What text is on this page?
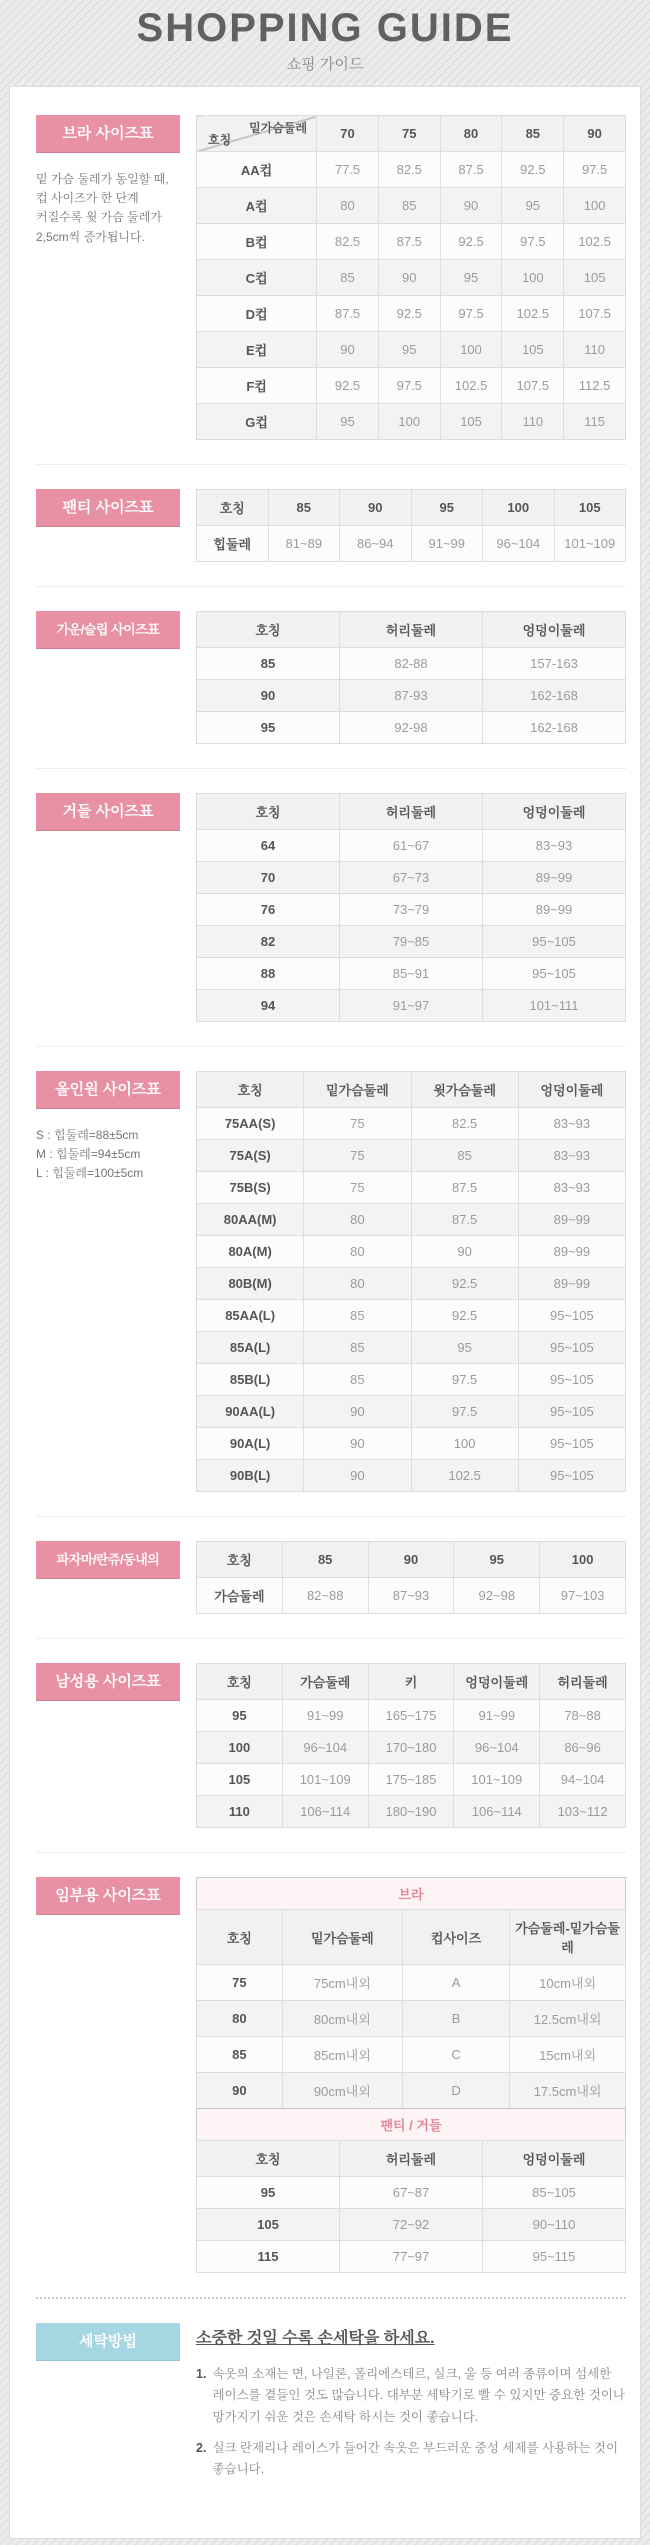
SHOPPING GUIDE
쇼핑 가이드
브라 사이즈표
밑 가슴 둘레가 동일할 때,
컵 사이즈가 한 단계
커질수록 윗 가슴 둘레가
2,5cm씩 증가됩니다.
밑가슴둘레
호칭	70	75	80	85	90
AA컵	77.5	82.5	87.5	92.5	97.5
A컵	80	85	90	95	100
B컵	82.5	87.5	92.5	97.5	102.5
C컵	85	90	95	100	105
D컵	87.5	92.5	97.5	102.5	107.5
E컵	90	95	100	105	110
F컵	92.5	97.5	102.5	107.5	112.5
G컵	95	100	105	110	115
팬티 사이즈표	호칭	85	90	95	100	105
힙둘레	81~89	86~94	91~99	96~104	101~109
가운/슬립 사이즈표	호칭	허리둘레	엉덩이둘레
85	82-88	157-163
90	87-93	162-168
95	92-98	162-168
거들 사이즈표	호칭	허리둘레	엉덩이둘레
64	61~67	83~93
70	67~73	89~99
76	73~79	89~99
82	79~85	95~105
88	85~91	95~105
94	91~97	101~111
올인원 사이즈표
S : 힙둘레=88±5cm
M : 힙둘레=94±5cm
L : 힙둘레=100±5cm
호칭	밑가슴둘레	윗가슴둘레	엉덩이둘레
75AA(S)	75	82.5	83~93
75A(S)	75	85	83~93
75B(S)	75	87.5	83~93
80AA(M)	80	87.5	89~99
80A(M)	80	90	89~99
80B(M)	80	92.5	89~99
85AA(L)	85	92.5	95~105
85A(L)	85	95	95~105
85B(L)	85	97.5	95~105
90AA(L)	90	97.5	95~105
90A(L)	90	100	95~105
90B(L)	90	102.5	95~105
파자마/란쥬/동내의	호칭	85	90	95	100
가슴둘레	82~88	87~93	92~98	97~103
남성용 사이즈표	호칭	가슴둘레	키	엉덩이둘레	허리둘레
95	91~99	165~175	91~99	78~88
100	96~104	170~180	96~104	86~96
105	101~109	175~185	101~109	94~104
110	106~114	180~190	106~114	103~112
임부용 사이즈표	브라
호칭	밑가슴둘레	컵사이즈	가슴둘레-밑가슴둘레
75	75cm내외	A	10cm내외
80	80cm내외	B	12.5cm내외
85	85cm내외	C	15cm내외
90	90cm내외	D	17.5cm내외
팬티 / 거들
호칭	허리둘레	엉덩이둘레
95	67~87	85~105
105	72~92	90~110
115	77~97	95~115
세탁방법	소중한 것일 수록 손세탁을 하세요.
1. 속옷의 소재는 면, 나일론, 폴리에스테르, 실크, 울 등 여러 종류이며 섬세한 레이스를 곁들인 것도 많습니다. 대부분 세탁기로 빨 수 있지만 중요한 것이나 망가지기 쉬운 것은 손세탁 하시는 것이 좋습니다.
2. 실크 란제리나 레이스가 들어간 속옷은 부드러운 중성 세제를 사용하는 것이 좋습니다.
